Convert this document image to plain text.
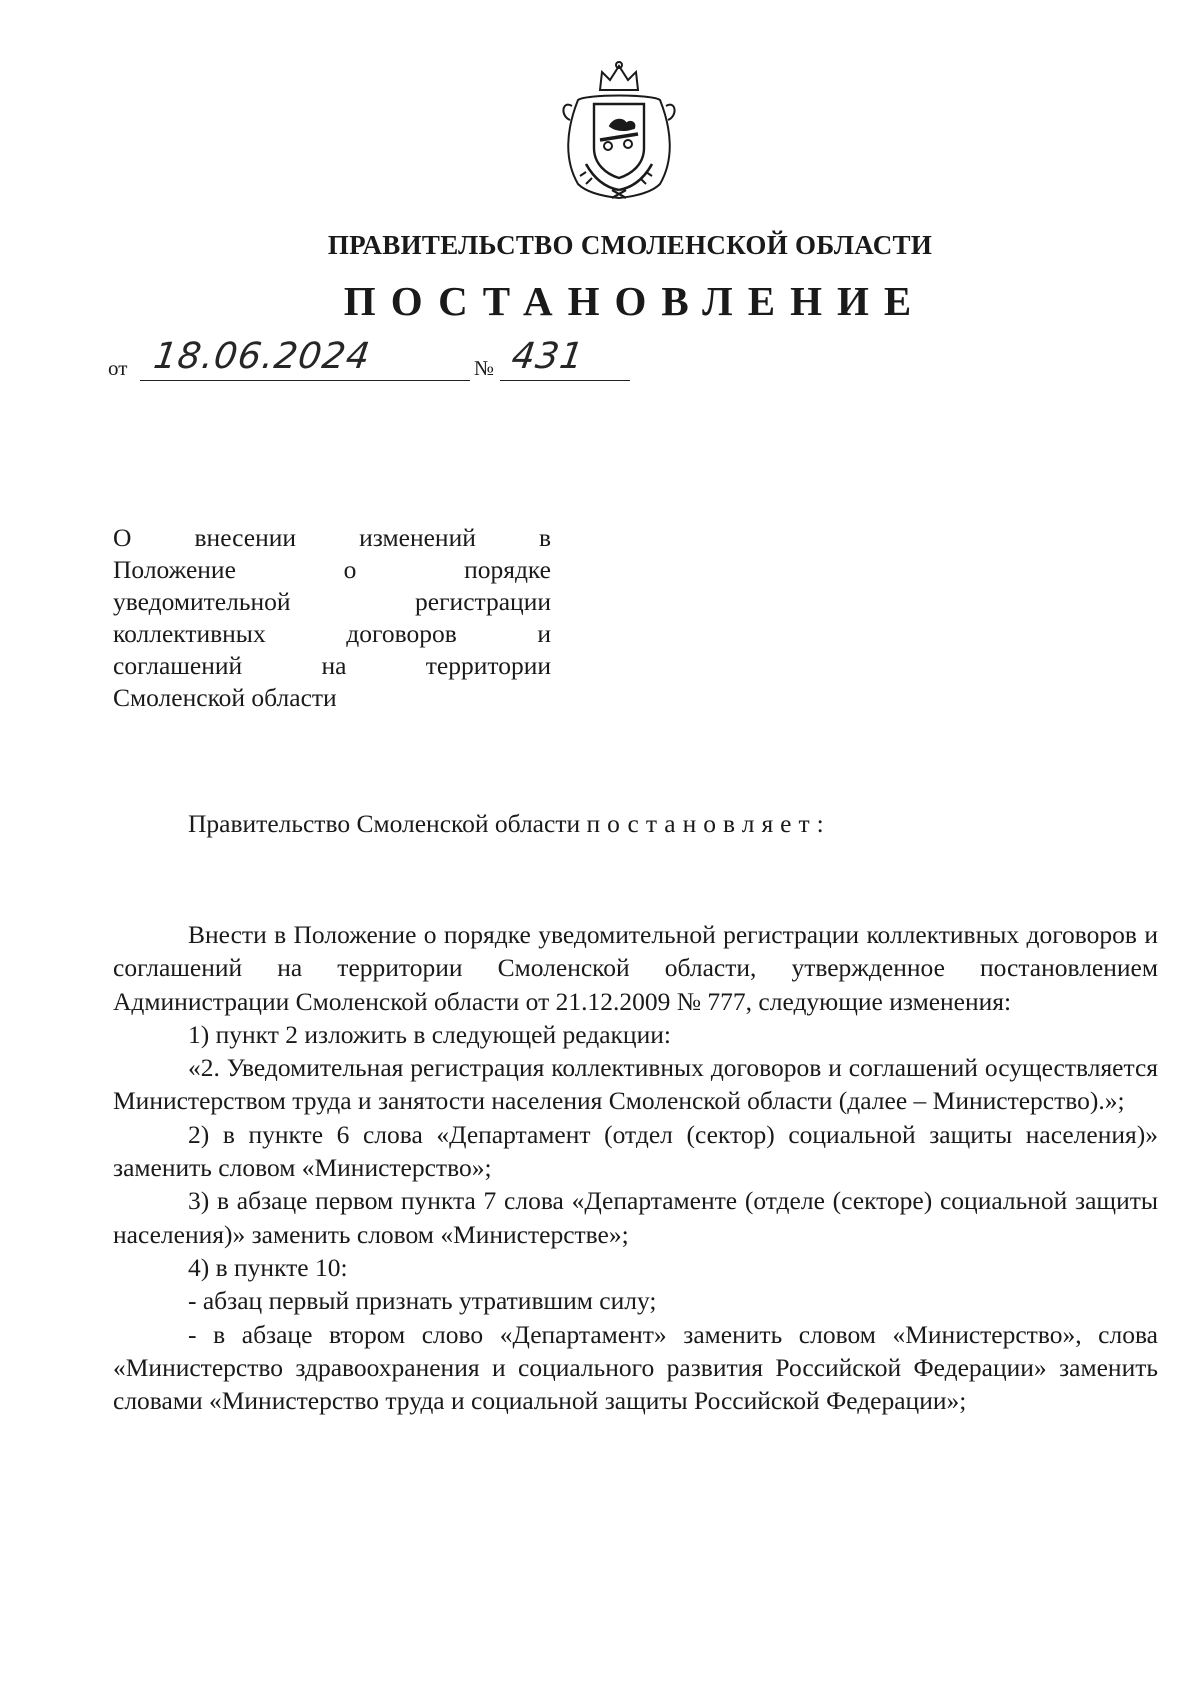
ПРАВИТЕЛЬСТВО СМОЛЕНСКОЙ ОБЛАСТИ
ПОСТАНОВЛЕНИЕ
от 18.06.2024	№ 431
О внесении изменений в
Положение о порядке
уведомительной регистрации
коллективных договоров и
соглашений на территории
Смоленской области
Правительство Смоленской области постановляет:

Внести в Положение о порядке уведомительной регистрации коллективных договоров и соглашений на территории Смоленской области, утвержденное постановлением Администрации Смоленской области от 21.12.2009 № 777, следующие изменения:

1) пункт 2 изложить в следующей редакции:

«2. Уведомительная регистрация коллективных договоров и соглашений осуществляется Министерством труда и занятости населения Смоленской области (далее – Министерство).»;

2) в пункте 6 слова «Департамент (отдел (сектор) социальной защиты населения)» заменить словом «Министерство»;

3) в абзаце первом пункта 7 слова «Департаменте (отделе (секторе) социальной защиты населения)» заменить словом «Министерстве»;

4) в пункте 10:

- абзац первый признать утратившим силу;

- в абзаце втором слово «Департамент» заменить словом «Министерство», слова «Министерство здравоохранения и социального развития Российской Федерации» заменить словами «Министерство труда и социальной защиты Российской Федерации»;
